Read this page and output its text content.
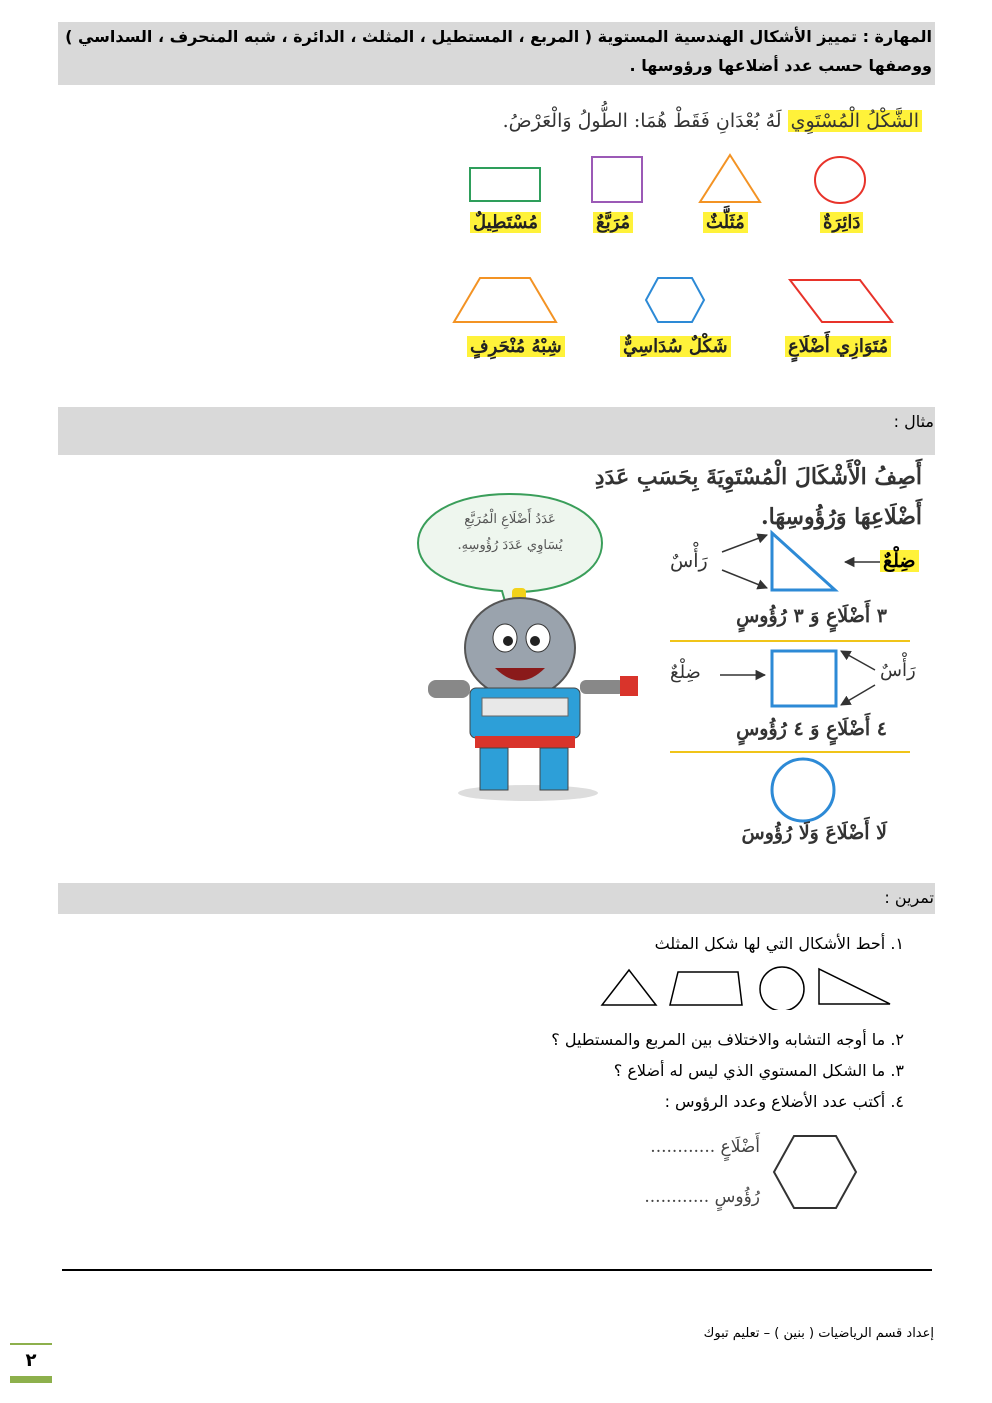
المهارة : تمييز الأشكال الهندسية المستوية ( المربع ، المستطيل ، المثلث ، الدائرة ، شبه المنحرف ، السداسي )
ووصفها حسب عدد أضلاعها ورؤوسها .
الشَّكْلُ الْمُسْتَوِي لَهُ بُعْدَانِ فَقَطْ هُمَا: الطُّولُ وَالْعَرْضُ.
دَائِرَةٌ
مُثَلَّثٌ
مُرَبَّعٌ
مُسْتَطِيلٌ
مُتَوَازِي أَضْلَاعٍ
شَكْلٌ سُدَاسِيٌّ
شِبْهُ مُنْحَرِفٍ
مثال :
أَصِفُ الْأَشْكَالَ الْمُسْتَوِيَةَ بِحَسَبِ عَدَدِ
أَضْلَاعِهَا وَرُؤُوسِهَا.
ضِلْعٌ
رَأْسٌ
٣ أَضْلَاعٍ وَ ٣ رُؤُوسٍ
ضِلْعٌ	رَأْسٌ
٤ أَضْلَاعٍ وَ ٤ رُؤُوسٍ
لَا أَضْلَاعَ وَلَا رُؤُوسَ
عَدَدُ أَضْلَاعِ الْمُرَبَّعِ
يُسَاوِي عَدَدَ رُؤُوسِهِ.
تمرين :
١. أحط الأشكال التي لها شكل المثلث
٢. ما أوجه التشابه والاختلاف بين المربع والمستطيل ؟
٣. ما الشكل المستوي الذي ليس له أضلاع ؟
٤. أكتب عدد الأضلاع وعدد الرؤوس :
أَضْلَاعٍ ............
رُؤُوسٍ ............
إعداد قسم الرياضيات ( بنين ) – تعليم تبوك
٢
